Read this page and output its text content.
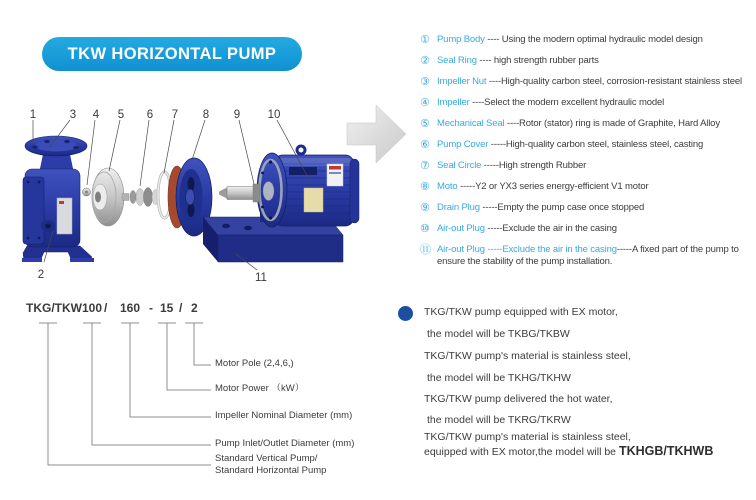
TKW HORIZONTAL PUMP
1	3 4 5 6 7 8 9 10
2	11
① Pump Body ---- Using the modern optimal hydraulic model design
② Seal Ring ---- high strength rubber parts
③ Impeller Nut ----High-quality carbon steel, corrosion-resistant stainless steel
④ Impeller ----Select the modern excellent hydraulic model
⑤ Mechanical Seal ----Rotor (stator) ring is made of Graphite, Hard Alloy
⑥ Pump Cover -----High-quality carbon steel, stainless steel, casting
⑦ Seal Circle -----High strength Rubber
⑧ Moto -----Y2 or YX3 series energy-efficient V1 motor
⑨ Drain Plug -----Empty the pump case once stopped
⑩ Air-out Plug -----Exclude the air in the casing
⑪ Air-out Plug -----Exclude the air in the casing-----A fixed part of the pump to ensure the stability of the pump installation.
TKG/TKW 100 / 160 - 15 / 2
Motor Pole (2,4,6,)
Motor Power （kW）
Impeller Nominal Diameter (mm)
Pump Inlet/Outlet Diameter (mm)
Standard Vertical Pump/
Standard Horizontal Pump
TKG/TKW pump equipped with EX motor,
the model will be TKBG/TKBW
TKG/TKW pump's material is stainless steel,
the model will be TKHG/TKHW
TKG/TKW pump delivered the hot water,
the model will be TKRG/TKRW
TKG/TKW pump's material is stainless steel,
equipped with EX motor,the model will be TKHGB/TKHWB
